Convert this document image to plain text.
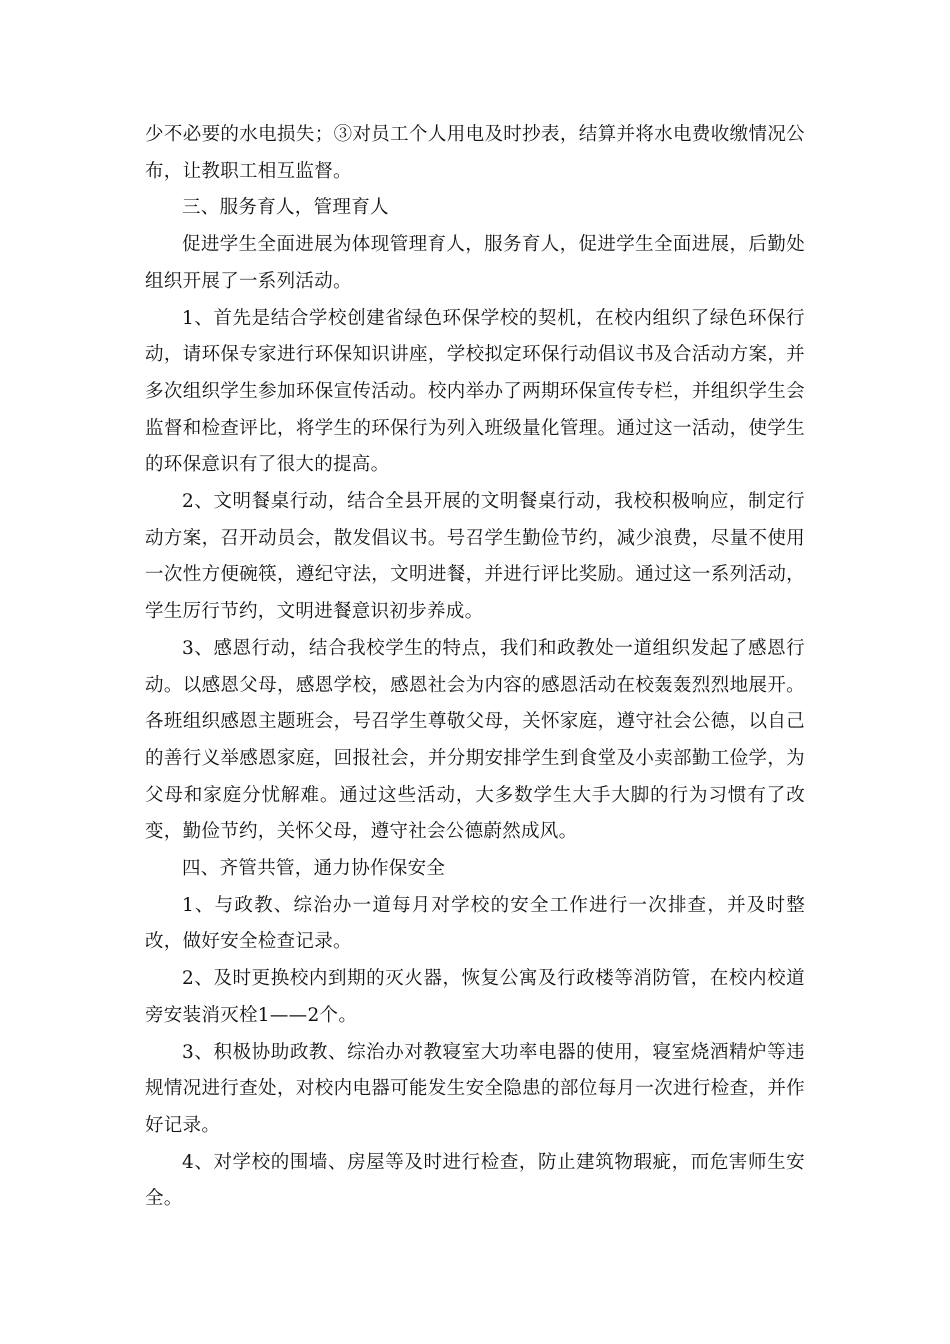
少不必要的水电损失；③对员工个人用电及时抄表，结算并将水电费收缴情况公布，让教职工相互监督。

三、服务育人，管理育人

促进学生全面进展为体现管理育人，服务育人，促进学生全面进展，后勤处组织开展了一系列活动。

1、首先是结合学校创建省绿色环保学校的契机，在校内组织了绿色环保行动，请环保专家进行环保知识讲座，学校拟定环保行动倡议书及合活动方案，并多次组织学生参加环保宣传活动。校内举办了两期环保宣传专栏，并组织学生会监督和检查评比，将学生的环保行为列入班级量化管理。通过这一活动，使学生的环保意识有了很大的提高。

2、文明餐桌行动，结合全县开展的文明餐桌行动，我校积极响应，制定行动方案，召开动员会，散发倡议书。号召学生勤俭节约，减少浪费，尽量不使用一次性方便碗筷，遵纪守法，文明进餐，并进行评比奖励。通过这一系列活动，学生厉行节约，文明进餐意识初步养成。

3、感恩行动，结合我校学生的特点，我们和政教处一道组织发起了感恩行动。以感恩父母，感恩学校，感恩社会为内容的感恩活动在校轰轰烈烈地展开。各班组织感恩主题班会，号召学生尊敬父母，关怀家庭，遵守社会公德，以自己的善行义举感恩家庭，回报社会，并分期安排学生到食堂及小卖部勤工俭学，为父母和家庭分忧解难。通过这些活动，大多数学生大手大脚的行为习惯有了改变，勤俭节约，关怀父母，遵守社会公德蔚然成风。

四、齐管共管，通力协作保安全

1、与政教、综治办一道每月对学校的安全工作进行一次排查，并及时整改，做好安全检查记录。

2、及时更换校内到期的灭火器，恢复公寓及行政楼等消防管，在校内校道旁安装消灭栓1——2个。

3、积极协助政教、综治办对教寝室大功率电器的使用，寝室烧酒精炉等违规情况进行查处，对校内电器可能发生安全隐患的部位每月一次进行检查，并作好记录。

4、对学校的围墙、房屋等及时进行检查，防止建筑物瑕疵，而危害师生安全。
